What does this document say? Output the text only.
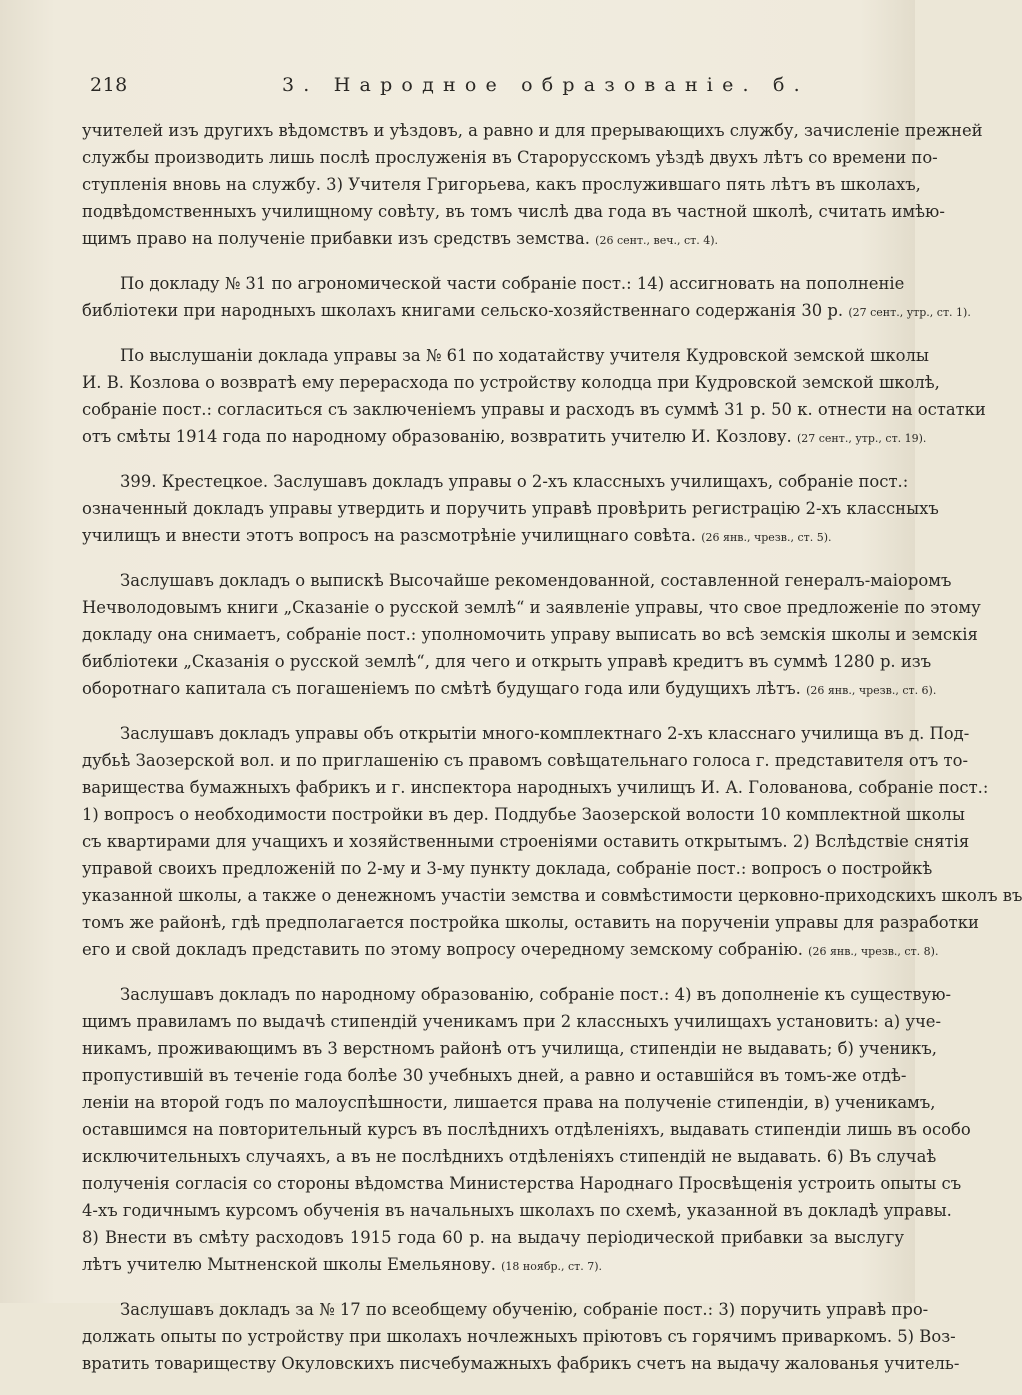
218	3. Народное образованіе. б.
учителей изъ другихъ вѣдомствъ и уѣздовъ, а равно и для прерывающихъ службу, зачисленіе прежней
службы производить лишь послѣ прослуженія въ Старорусскомъ уѣздѣ двухъ лѣтъ со времени по-
ступленія вновь на службу. 3) Учителя Григорьева, какъ прослужившаго пять лѣтъ въ школахъ,
подвѣдомственныхъ училищному совѣту, въ томъ числѣ два года въ частной школѣ, считать имѣю-
щимъ право на полученіе прибавки изъ средствъ земства. (26 сент., веч., ст. 4).
По докладу № 31 по агрономической части собраніе пост.: 14) ассигновать на пополненіе
библіотеки при народныхъ школахъ книгами сельско-хозяйственнаго содержанія 30 р. (27 сент., утр., ст. 1).
По выслушаніи доклада управы за № 61 по ходатайству учителя Кудровской земской школы
И. В. Козлова о возвратѣ ему перерасхода по устройству колодца при Кудровской земской школѣ,
собраніе пост.: согласиться съ заключеніемъ управы и расходъ въ суммѣ 31 р. 50 к. отнести на остатки
отъ смѣты 1914 года по народному образованію, возвратить учителю И. Козлову. (27 сент., утр., ст. 19).
399. Крестецкое. Заслушавъ докладъ управы о 2-хъ классныхъ училищахъ, собраніе пост.:
означенный докладъ управы утвердить и поручить управѣ провѣрить регистрацію 2-хъ классныхъ
училищъ и внести этотъ вопросъ на разсмотрѣніе училищнаго совѣта. (26 янв., чрезв., ст. 5).
Заслушавъ докладъ о выпискѣ Высочайше рекомендованной, составленной генералъ-маіоромъ
Нечволодовымъ книги „Сказаніе о русской землѣ“ и заявленіе управы, что свое предложеніе по этому
докладу она снимаетъ, собраніе пост.: уполномочить управу выписать во всѣ земскія школы и земскія
библіотеки „Сказанія о русской землѣ“, для чего и открыть управѣ кредитъ въ суммѣ 1280 р. изъ
оборотнаго капитала съ погашеніемъ по смѣтѣ будущаго года или будущихъ лѣтъ. (26 янв., чрезв., ст. 6).
Заслушавъ докладъ управы объ открытіи много-комплектнаго 2-хъ класснаго училища въ д. Под-
дубьѣ Заозерской вол. и по приглашенію съ правомъ совѣщательнаго голоса г. представителя отъ то-
варищества бумажныхъ фабрикъ и г. инспектора народныхъ училищъ И. А. Голованова, собраніе пост.:
1) вопросъ о необходимости постройки въ дер. Поддубье Заозерской волости 10 комплектной школы
съ квартирами для учащихъ и хозяйственными строеніями оставить открытымъ. 2) Вслѣдствіе снятія
управой своихъ предложеній по 2-му и 3-му пункту доклада, собраніе пост.: вопросъ о постройкѣ
указанной школы, а также о денежномъ участіи земства и совмѣстимости церковно-приходскихъ школъ въ
томъ же районѣ, гдѣ предполагается постройка школы, оставить на порученіи управы для разработки
его и свой докладъ представить по этому вопросу очередному земскому собранію. (26 янв., чрезв., ст. 8).
Заслушавъ докладъ по народному образованію, собраніе пост.: 4) въ дополненіе къ существую-
щимъ правиламъ по выдачѣ стипендій ученикамъ при 2 классныхъ училищахъ установить: а) уче-
никамъ, проживающимъ въ 3 верстномъ районѣ отъ училища, стипендіи не выдавать; б) ученикъ,
пропустившій въ теченіе года болѣе 30 учебныхъ дней, а равно и оставшійся въ томъ-же отдѣ-
леніи на второй годъ по малоуспѣшности, лишается права на полученіе стипендіи, в) ученикамъ,
оставшимся на повторительный курсъ въ послѣднихъ отдѣленіяхъ, выдавать стипендіи лишь въ особо
исключительныхъ случаяхъ, а въ не послѣднихъ отдѣленіяхъ стипендій не выдавать. 6) Въ случаѣ
полученія согласія со стороны вѣдомства Министерства Народнаго Просвѣщенія устроить опыты съ
4-хъ годичнымъ курсомъ обученія въ начальныхъ школахъ по схемѣ, указанной въ докладѣ управы.
8) Внести въ смѣту расходовъ 1915 года 60 р. на выдачу періодической прибавки за выслугу
лѣтъ учителю Мытненской школы Емельянову. (18 ноябр., ст. 7).
Заслушавъ докладъ за № 17 по всеобщему обученію, собраніе пост.: 3) поручить управѣ про-
должать опыты по устройству при школахъ ночлежныхъ пріютовъ съ горячимъ приваркомъ. 5) Воз-
вратить товариществу Окуловскихъ писчебумажныхъ фабрикъ счетъ на выдачу жалованья учитель-
